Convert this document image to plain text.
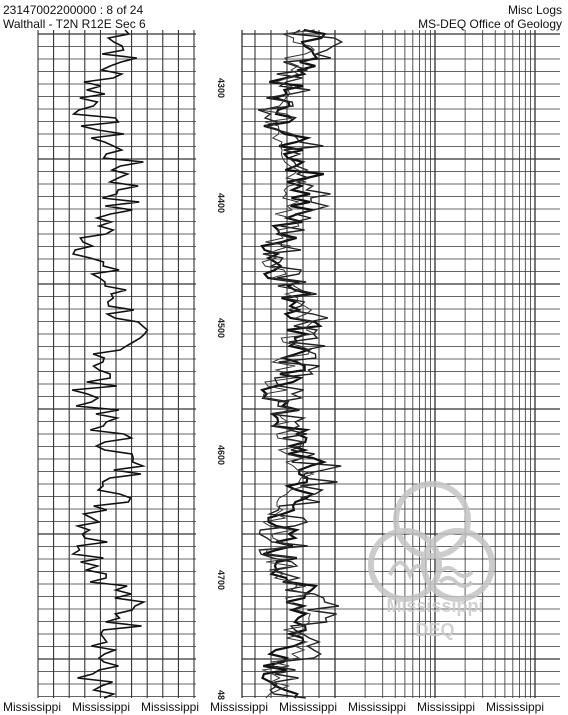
23147002200000 : 8 of 24
Walthall - T2N R12E Sec 6
Misc Logs
MS-DEQ Office of Geology
4300
4400
4500
4600
4700
48
Mississippi
DEQ
Mississippi Mississippi Mississippi Mississippi Mississippi Mississippi Mississippi Mississippi
